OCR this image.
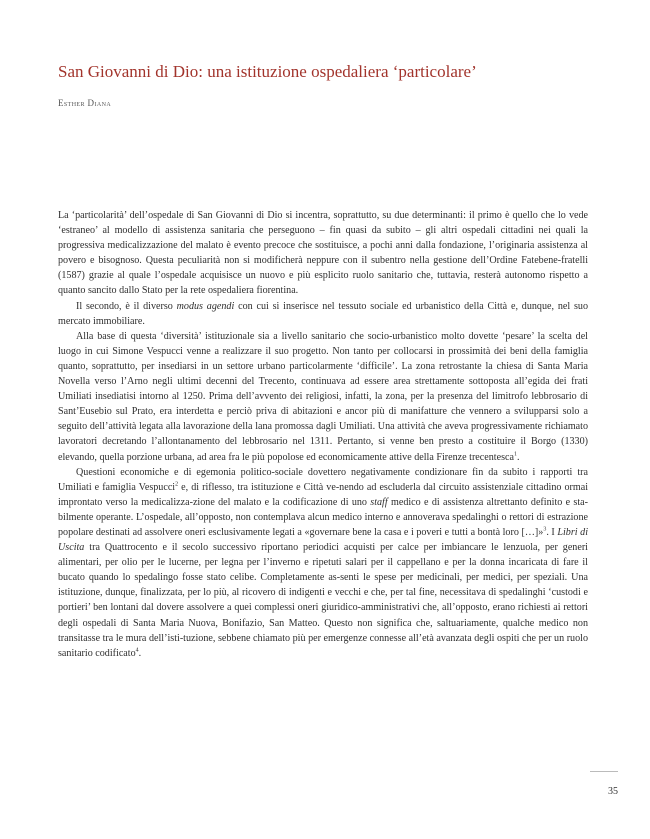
San Giovanni di Dio: una istituzione ospedaliera ‘particolare’
Esther Diana

La ‘particolarità’ dell’ospedale di San Giovanni di Dio si incentra, soprattutto, su due determinanti: il primo è quello che lo vede ‘estraneo’ al modello di assistenza sanitaria che perseguono – fin quasi da subito – gli altri ospedali cittadini nei quali la progressiva medicalizzazione del malato è evento precoce che sostituisce, a pochi anni dalla fondazione, l’originaria assistenza al povero e bisognoso. Questa peculiarità non si modificherà neppure con il subentro nella gestione dell’Ordine Fatebene-fratelli (1587) grazie al quale l’ospedale acquisisce un nuovo e più esplicito ruolo sanitario che, tuttavia, resterà autonomo rispetto a quanto sancito dallo Stato per la rete ospedaliera fiorentina.

Il secondo, è il diverso modus agendi con cui si inserisce nel tessuto sociale ed urbanistico della Città e, dunque, nel suo mercato immobiliare.

Alla base di questa ‘diversità’ istituzionale sia a livello sanitario che socio-urbanistico molto dovette ‘pesare’ la scelta del luogo in cui Simone Vespucci venne a realizzare il suo progetto. Non tanto per collocarsi in prossimità dei beni della famiglia quanto, soprattutto, per insediarsi in un settore urbano particolarmente ‘difficile’. La zona retrostante la chiesa di Santa Maria Novella verso l’Arno negli ultimi decenni del Trecento, continuava ad essere area strettamente sottoposta all’egida dei frati Umiliati insediatisi intorno al 1250. Prima dell’avvento dei religiosi, infatti, la zona, per la presenza del limitrofo lebbrosario di Sant’Eusebio sul Prato, era interdetta e perciò priva di abitazioni e ancor più di manifatture che vennero a svilupparsi solo a seguito dell’attività legata alla lavorazione della lana promossa dagli Umiliati. Una attività che aveva progressivamente richiamato lavoratori decretando l’allontanamento del lebbrosario nel 1311. Pertanto, si venne ben presto a costituire il Borgo (1330) elevando, quella porzione urbana, ad area fra le più popolose ed economicamente attive della Firenze trecentesca$^1$.

Questioni economiche e di egemonia politico-sociale dovettero negativamente condizionare fin da subito i rapporti tra Umiliati e famiglia Vespucci$^2$ e, di riflesso, tra istituzione e Città ve-nendo ad escluderla dal circuito assistenziale cittadino ormai improntato verso la medicalizza-zione del malato e la codificazione di uno staff medico e di assistenza altrettanto definito e sta-bilmente operante. L’ospedale, all’opposto, non contemplava alcun medico interno e annoverava spedalinghi o rettori di estrazione popolare destinati ad assolvere oneri esclusivamente legati a «governare bene la casa e i poveri e tutti a bontà loro […]»$^3$. I Libri di Uscita tra Quattrocento e il secolo successivo riportano periodici acquisti per calce per imbiancare le lenzuola, per generi alimentari, per olio per le lucerne, per legna per l’inverno e ripetuti salari per il cappellano e per la donna incaricata di fare il bucato quando lo spedalingo fosse stato celibe. Completamente as-senti le spese per medicinali, per medici, per speziali. Una istituzione, dunque, finalizzata, per lo più, al ricovero di indigenti e vecchi e che, per tal fine, necessitava di spedalinghi ‘custodi e portieri’ ben lontani dal dovere assolvere a quei complessi oneri giuridico-amministrativi che, all’opposto, erano richiesti ai rettori degli ospedali di Santa Maria Nuova, Bonifazio, San Matteo. Questo non significa che, saltuariamente, qualche medico non transitasse tra le mura dell’isti-tuzione, sebbene chiamato più per emergenze connesse all’età avanzata degli ospiti che per un ruolo sanitario codificato$^4$.

35
